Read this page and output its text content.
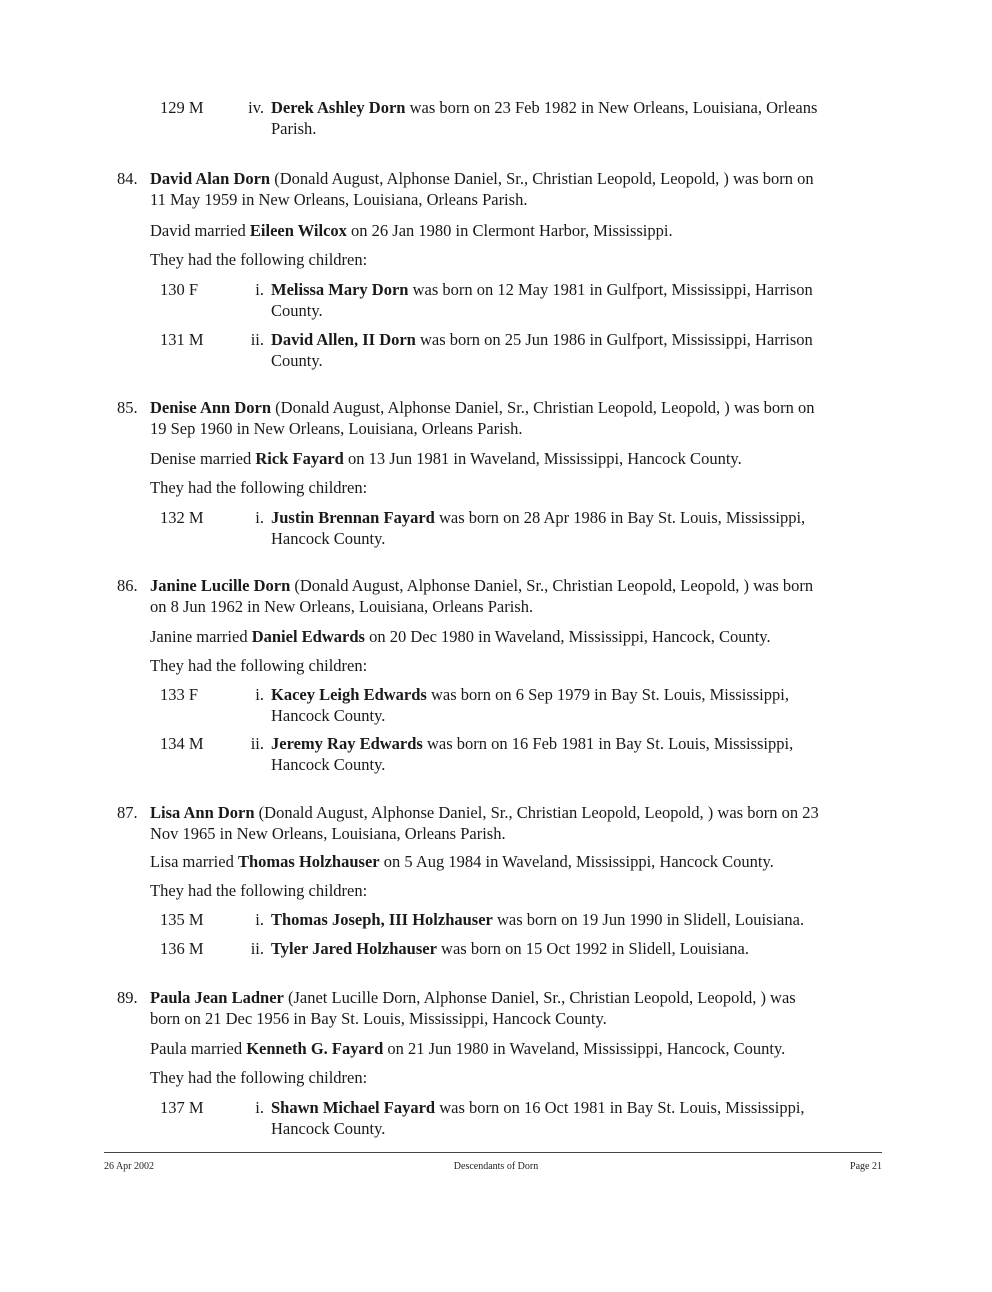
129 M	iv. Derek Ashley Dorn was born on 23 Feb 1982 in New Orleans, Louisiana, Orleans
Parish.
84. David Alan Dorn (Donald August, Alphonse Daniel, Sr., Christian Leopold, Leopold, ) was born on
11 May 1959 in New Orleans, Louisiana, Orleans Parish.
David married Eileen Wilcox on 26 Jan 1980 in Clermont Harbor, Mississippi.
They had the following children:
130 F	i. Melissa Mary Dorn was born on 12 May 1981 in Gulfport, Mississippi, Harrison
County.
131 M	ii. David Allen, II Dorn was born on 25 Jun 1986 in Gulfport, Mississippi, Harrison
County.
85. Denise Ann Dorn (Donald August, Alphonse Daniel, Sr., Christian Leopold, Leopold, ) was born on
19 Sep 1960 in New Orleans, Louisiana, Orleans Parish.
Denise married Rick Fayard on 13 Jun 1981 in Waveland, Mississippi, Hancock County.
They had the following children:
132 M	i. Justin Brennan Fayard was born on 28 Apr 1986 in Bay St. Louis, Mississippi,
Hancock County.
86. Janine Lucille Dorn (Donald August, Alphonse Daniel, Sr., Christian Leopold, Leopold, ) was born
on 8 Jun 1962 in New Orleans, Louisiana, Orleans Parish.
Janine married Daniel Edwards on 20 Dec 1980 in Waveland, Mississippi, Hancock, County.
They had the following children:
133 F	i. Kacey Leigh Edwards was born on 6 Sep 1979 in Bay St. Louis, Mississippi,
Hancock County.
134 M	ii. Jeremy Ray Edwards was born on 16 Feb 1981 in Bay St. Louis, Mississippi,
Hancock County.
87. Lisa Ann Dorn (Donald August, Alphonse Daniel, Sr., Christian Leopold, Leopold, ) was born on 23
Nov 1965 in New Orleans, Louisiana, Orleans Parish.
Lisa married Thomas Holzhauser on 5 Aug 1984 in Waveland, Mississippi, Hancock County.
They had the following children:
135 M	i. Thomas Joseph, III Holzhauser was born on 19 Jun 1990 in Slidell, Louisiana.
136 M	ii. Tyler Jared Holzhauser was born on 15 Oct 1992 in Slidell, Louisiana.
89. Paula Jean Ladner (Janet Lucille Dorn, Alphonse Daniel, Sr., Christian Leopold, Leopold, ) was
born on 21 Dec 1956 in Bay St. Louis, Mississippi, Hancock County.
Paula married Kenneth G. Fayard on 21 Jun 1980 in Waveland, Mississippi, Hancock, County.
They had the following children:
137 M	i. Shawn Michael Fayard was born on 16 Oct 1981 in Bay St. Louis, Mississippi,
Hancock County.
26 Apr 2002	Descendants of Dorn	Page 21
